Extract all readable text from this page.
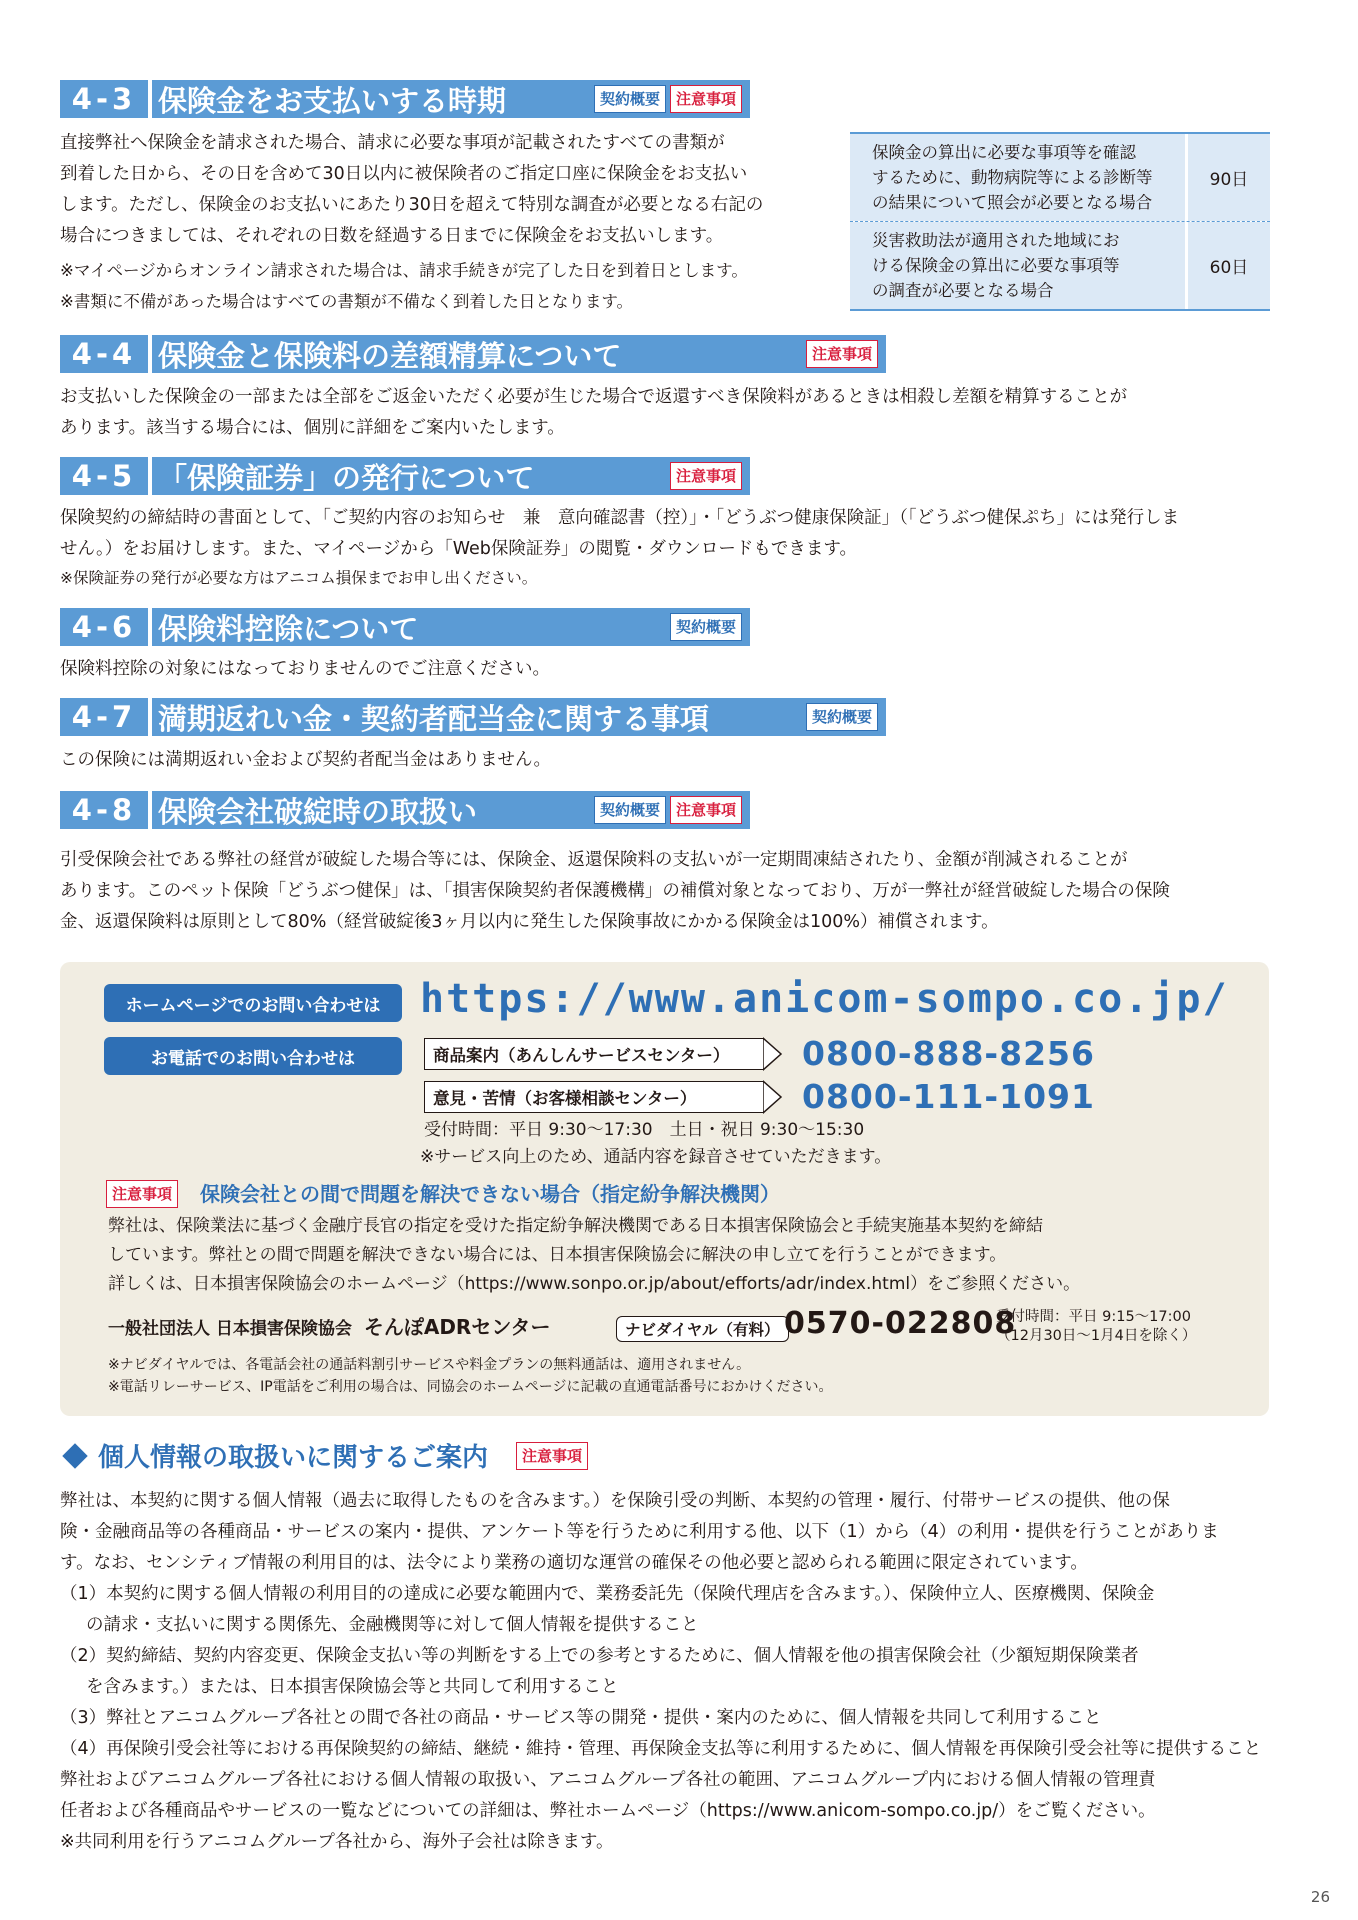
4-3 保険金をお支払いする時期	契約概要	注意事項
直接弊社へ保険金を請求された場合、請求に必要な事項が記載されたすべての書類が
到着した日から、その日を含めて30日以内に被保険者のご指定口座に保険金をお支払い
します。ただし、保険金のお支払いにあたり30日を超えて特別な調査が必要となる右記の
場合につきましては、それぞれの日数を経過する日までに保険金をお支払いします。
※マイページからオンライン請求された場合は、請求手続きが完了した日を到着日とします。
※書類に不備があった場合はすべての書類が不備なく到着した日となります。
保険金の算出に必要な事項等を確認
するために、動物病院等による診断等
の結果について照会が必要となる場合
90日
災害救助法が適用された地域にお
ける保険金の算出に必要な事項等
の調査が必要となる場合
60日
4-4 保険金と保険料の差額精算について	注意事項
お支払いした保険金の一部または全部をご返金いただく必要が生じた場合で返還すべき保険料があるときは相殺し差額を精算することが
あります。該当する場合には、個別に詳細をご案内いたします。
4-5 「保険証券」の発行について	注意事項
保険契約の締結時の書面として、「ご契約内容のお知らせ　兼　意向確認書（控）」・「どうぶつ健康保険証」（「どうぶつ健保ぷち」には発行しま
せん。）をお届けします。また、マイページから「Web保険証券」の閲覧・ダウンロードもできます。
※保険証券の発行が必要な方はアニコム損保までお申し出ください。
4-6 保険料控除について	契約概要
保険料控除の対象にはなっておりませんのでご注意ください。
4-7 満期返れい金・契約者配当金に関する事項	契約概要
この保険には満期返れい金および契約者配当金はありません。
4-8 保険会社破綻時の取扱い	契約概要	注意事項
引受保険会社である弊社の経営が破綻した場合等には、保険金、返還保険料の支払いが一定期間凍結されたり、金額が削減されることが
あります。このペット保険「どうぶつ健保」は、「損害保険契約者保護機構」の補償対象となっており、万が一弊社が経営破綻した場合の保険
金、返還保険料は原則として80%（経営破綻後3ヶ月以内に発生した保険事故にかかる保険金は100%）補償されます。
ホームページでのお問い合わせは https://www.anicom-sompo.co.jp/
お電話でのお問い合わせは	商品案内（あんしんサービスセンター）	0800-888-8256
意見・苦情（お客様相談センター）	0800-111-1091
受付時間：平日 9:30〜17:30　土日・祝日 9:30〜15:30
※サービス向上のため、通話内容を録音させていただきます。
注意事項	保険会社との間で問題を解決できない場合（指定紛争解決機関）
弊社は、保険業法に基づく金融庁長官の指定を受けた指定紛争解決機関である日本損害保険協会と手続実施基本契約を締結
しています。弊社との間で問題を解決できない場合には、日本損害保険協会に解決の申し立てを行うことができます。
詳しくは、日本損害保険協会のホームページ（https://www.sonpo.or.jp/about/efforts/adr/index.html）をご参照ください。
一般社団法人 日本損害保険協会 そんぽADRセンター	ナビダイヤル（有料） 0570-022808
受付時間：平日 9:15〜17:00
（12月30日〜1月4日を除く）
※ナビダイヤルでは、各電話会社の通話料割引サービスや料金プランの無料通話は、適用されません。
※電話リレーサービス、IP電話をご利用の場合は、同協会のホームページに記載の直通電話番号におかけください。
個人情報の取扱いに関するご案内	注意事項
弊社は、本契約に関する個人情報（過去に取得したものを含みます。）を保険引受の判断、本契約の管理・履行、付帯サービスの提供、他の保
険・金融商品等の各種商品・サービスの案内・提供、アンケート等を行うために利用する他、以下（1）から（4）の利用・提供を行うことがありま
す。なお、センシティブ情報の利用目的は、法令により業務の適切な運営の確保その他必要と認められる範囲に限定されています。
（1）本契約に関する個人情報の利用目的の達成に必要な範囲内で、業務委託先（保険代理店を含みます。）、保険仲立人、医療機関、保険金
の請求・支払いに関する関係先、金融機関等に対して個人情報を提供すること
（2）契約締結、契約内容変更、保険金支払い等の判断をする上での参考とするために、個人情報を他の損害保険会社（少額短期保険業者
を含みます。）または、日本損害保険協会等と共同して利用すること
（3）弊社とアニコムグループ各社との間で各社の商品・サービス等の開発・提供・案内のために、個人情報を共同して利用すること
（4）再保険引受会社等における再保険契約の締結、継続・維持・管理、再保険金支払等に利用するために、個人情報を再保険引受会社等に提供すること
弊社およびアニコムグループ各社における個人情報の取扱い、アニコムグループ各社の範囲、アニコムグループ内における個人情報の管理責
任者および各種商品やサービスの一覧などについての詳細は、弊社ホームページ（https://www.anicom-sompo.co.jp/）をご覧ください。
※共同利用を行うアニコムグループ各社から、海外子会社は除きます。
26
